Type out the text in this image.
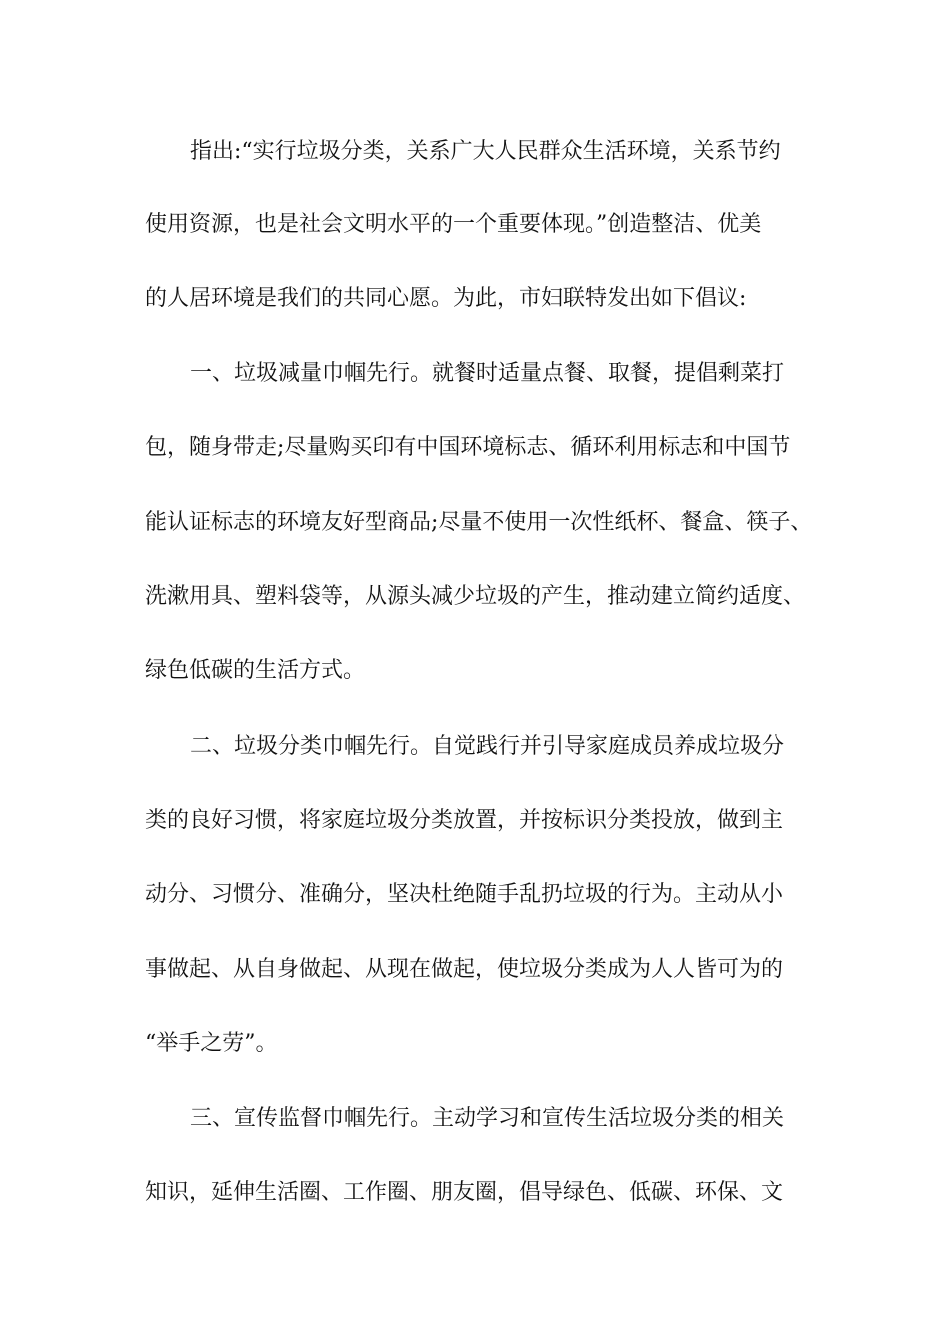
指出:“实行垃圾分类，关系广大人民群众生活环境，关系节约

使用资源，也是社会文明水平的一个重要体现。”创造整洁、优美

的人居环境是我们的共同心愿。为此，市妇联特发出如下倡议:

一、垃圾减量巾帼先行。就餐时适量点餐、取餐，提倡剩菜打

包，随身带走;尽量购买印有中国环境标志、循环利用标志和中国节

能认证标志的环境友好型商品;尽量不使用一次性纸杯、餐盒、筷子、

洗漱用具、塑料袋等，从源头减少垃圾的产生，推动建立简约适度、

绿色低碳的生活方式。

二、垃圾分类巾帼先行。自觉践行并引导家庭成员养成垃圾分

类的良好习惯，将家庭垃圾分类放置，并按标识分类投放，做到主

动分、习惯分、准确分，坚决杜绝随手乱扔垃圾的行为。主动从小

事做起、从自身做起、从现在做起，使垃圾分类成为人人皆可为的

“举手之劳”。

三、宣传监督巾帼先行。主动学习和宣传生活垃圾分类的相关

知识，延伸生活圈、工作圈、朋友圈，倡导绿色、低碳、环保、文
